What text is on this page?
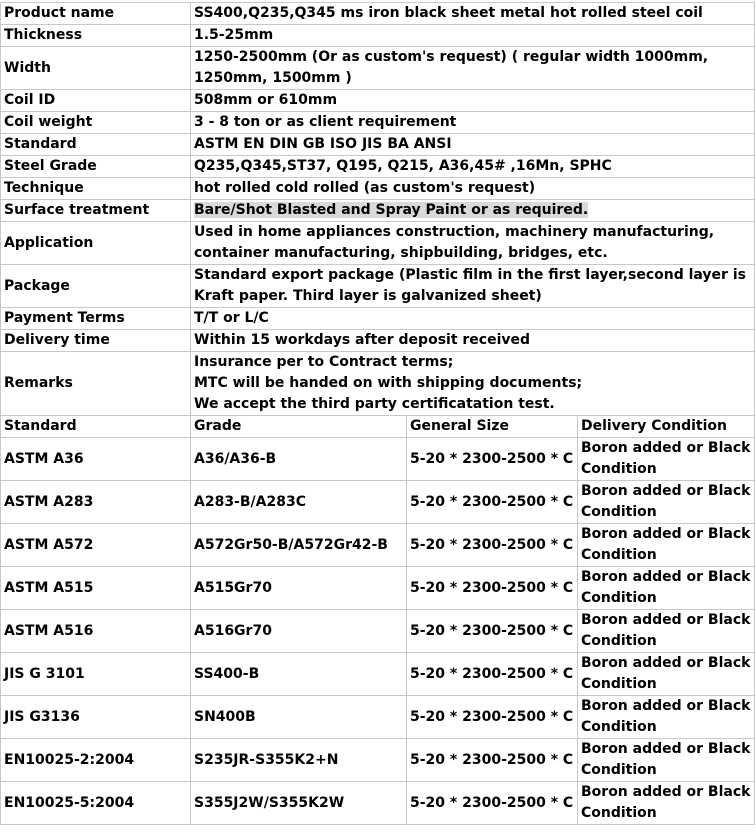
Product name	SS400,Q235,Q345 ms iron black sheet metal hot rolled steel coil
Thickness	1.5-25mm
Width	1250-2500mm (Or as custom's request) ( regular width 1000mm, 1250mm, 1500mm )
Coil ID	508mm or 610mm
Coil weight	3 - 8 ton or as client requirement
Standard	ASTM EN DIN GB ISO JIS BA ANSI
Steel Grade	Q235,Q345,ST37, Q195, Q215, A36,45# ,16Mn, SPHC
Technique	hot rolled cold rolled (as custom's request)
Surface treatment	Bare/Shot Blasted and Spray Paint or as required.
Application	Used in home appliances construction, machinery manufacturing, container manufacturing, shipbuilding, bridges, etc.
Package	Standard export package (Plastic film in the first layer,second layer is Kraft paper. Third layer is galvanized sheet)
Payment Terms	T/T or L/C
Delivery time	Within 15 workdays after deposit received
Remarks	Insurance per to Contract terms;
MTC will be handed on with shipping documents;
We accept the third party certificatation test.
Standard	Grade	General Size	Delivery Condition
ASTM A36	A36/A36-B	5-20 * 2300-2500 * C	Boron added or Black Condition
ASTM A283	A283-B/A283C	5-20 * 2300-2500 * C	Boron added or Black Condition
ASTM A572	A572Gr50-B/A572Gr42-B	5-20 * 2300-2500 * C	Boron added or Black Condition
ASTM A515	A515Gr70	5-20 * 2300-2500 * C	Boron added or Black Condition
ASTM A516	A516Gr70	5-20 * 2300-2500 * C	Boron added or Black Condition
JIS G 3101	SS400-B	5-20 * 2300-2500 * C	Boron added or Black Condition
JIS G3136	SN400B	5-20 * 2300-2500 * C	Boron added or Black Condition
EN10025-2:2004	S235JR-S355K2+N	5-20 * 2300-2500 * C	Boron added or Black Condition
EN10025-5:2004	S355J2W/S355K2W	5-20 * 2300-2500 * C	Boron added or Black Condition
